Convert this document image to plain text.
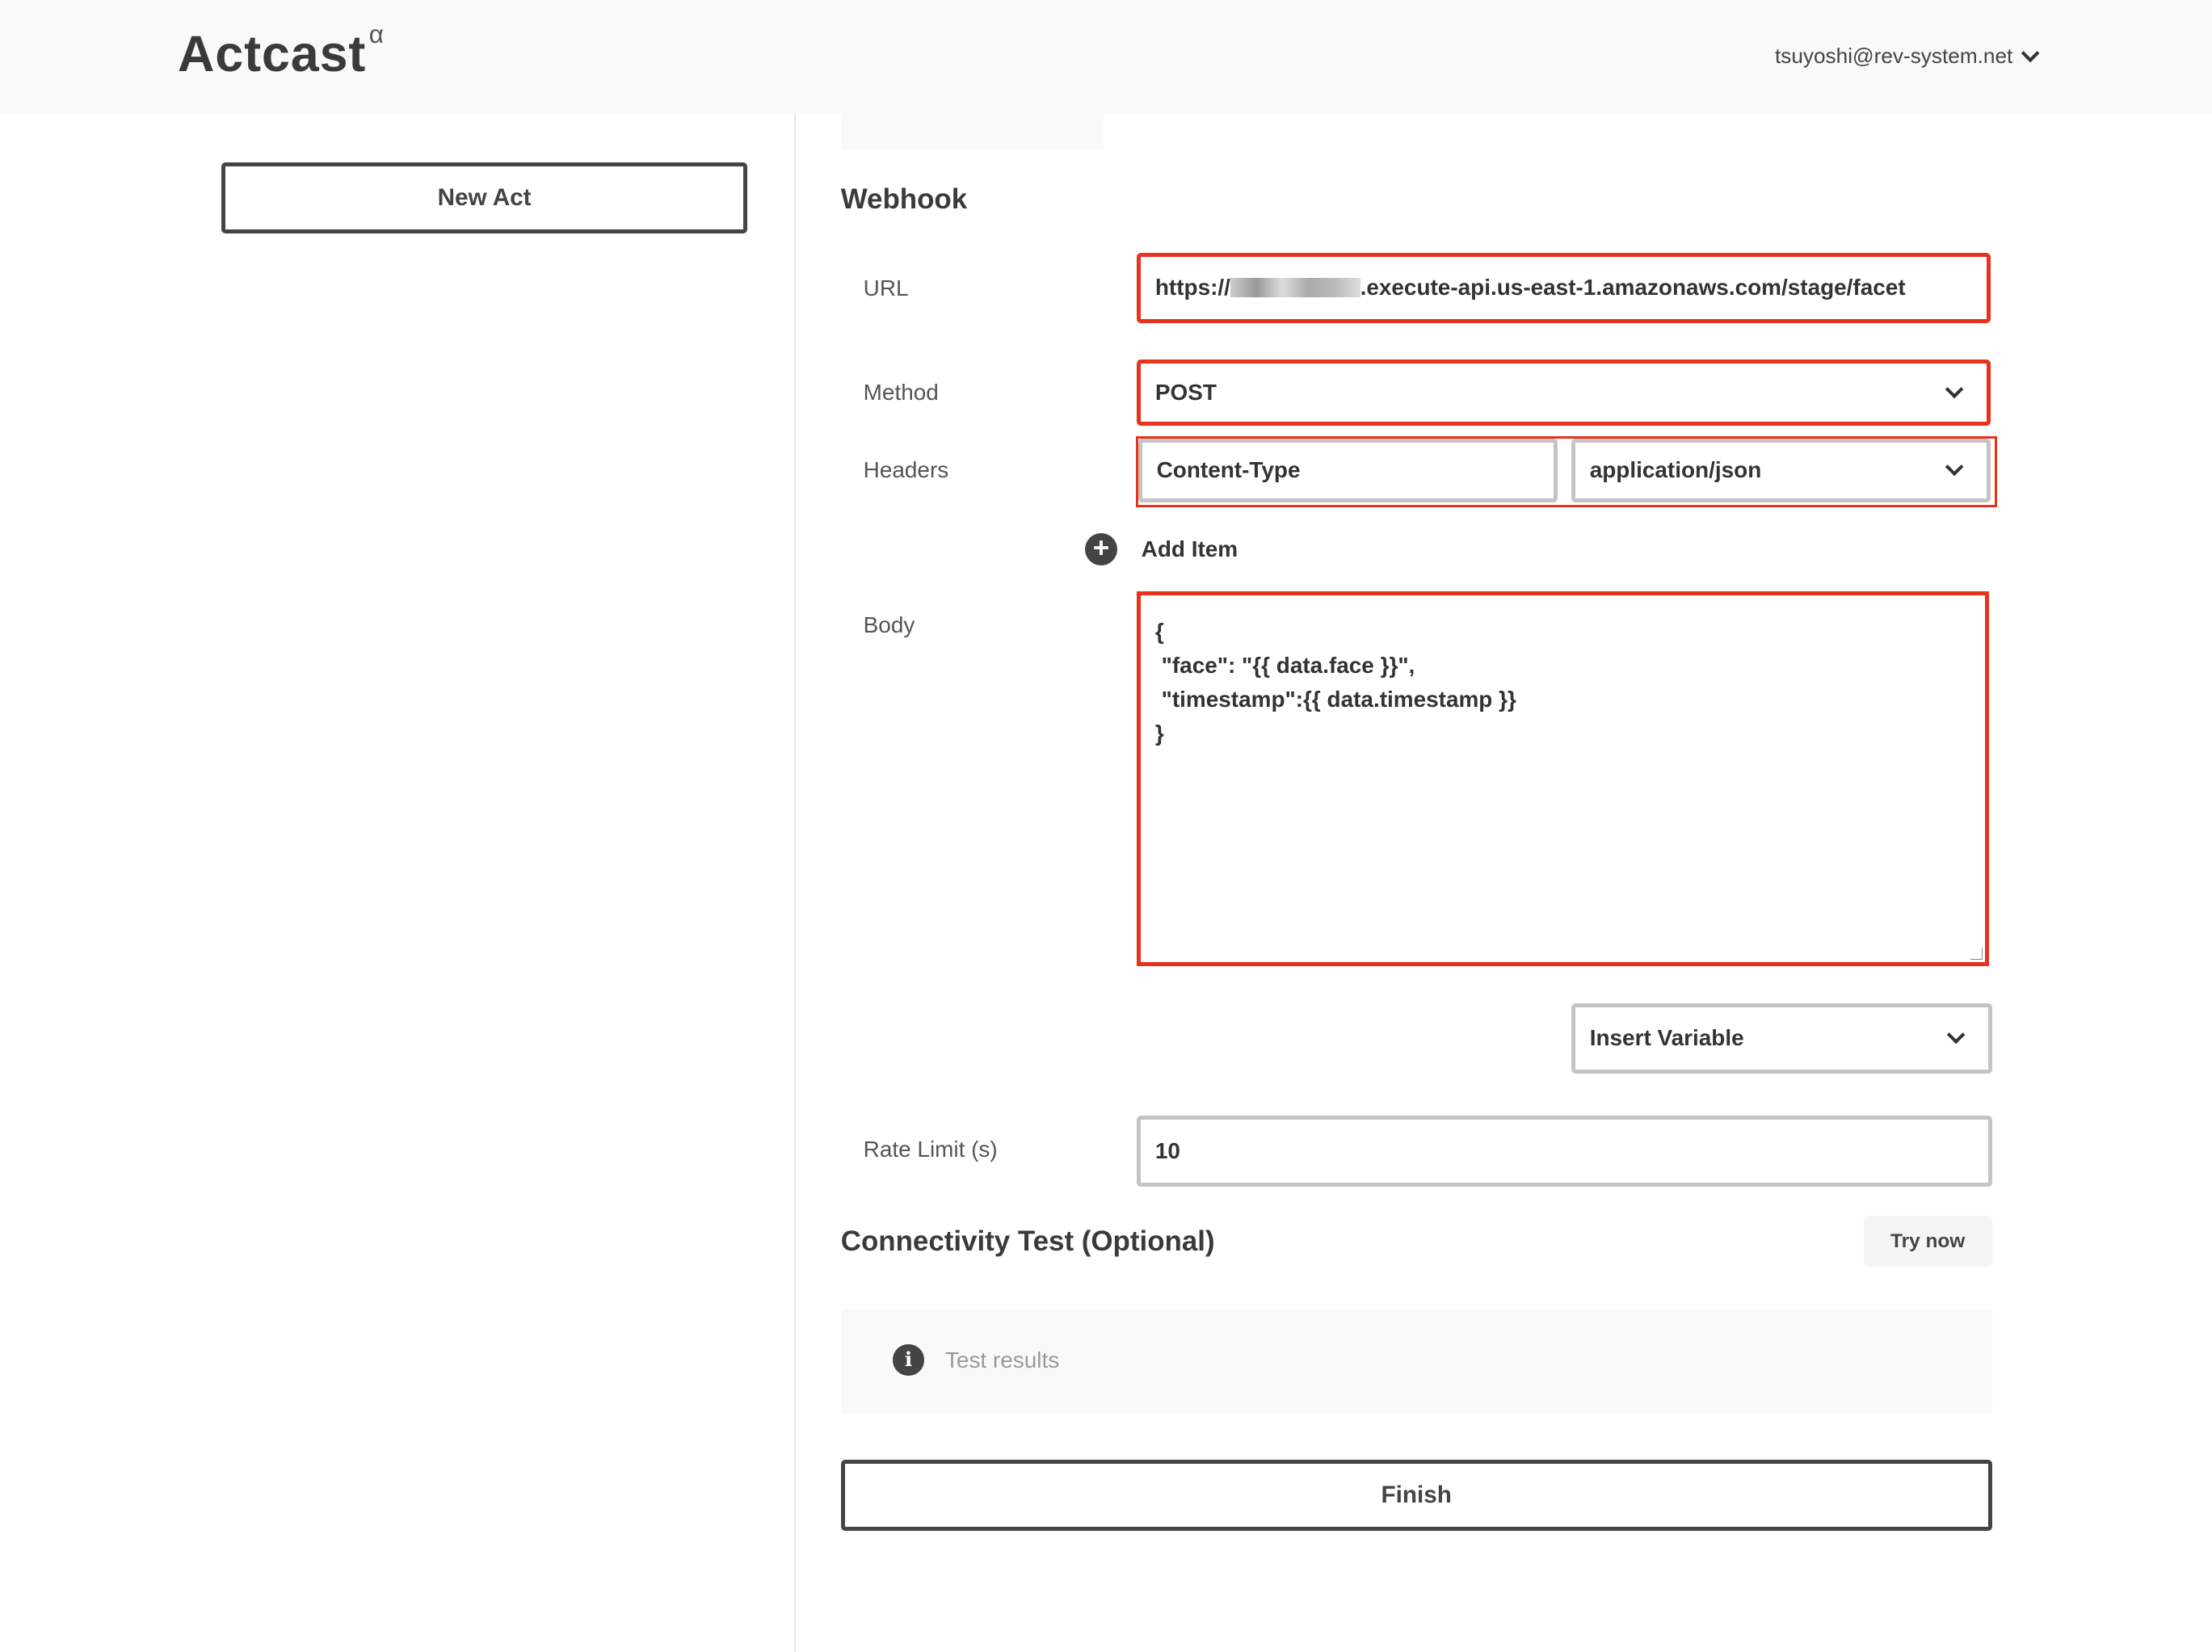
Actcast $^\alpha$
tsuyoshi@rev-system.net
New Act	Webhook
URL	https://	.execute-api.us-east-1.amazonaws.com/stage/facet
Method	POST
Headers	Content-Type	application/json
+	Add Item
Body	{
"face": "{{ data.face }}",
"timestamp":{{ data.timestamp }}
}
Insert Variable
Rate Limit (s)	10
Connectivity Test (Optional)	Try now
i	Test results
Finish
